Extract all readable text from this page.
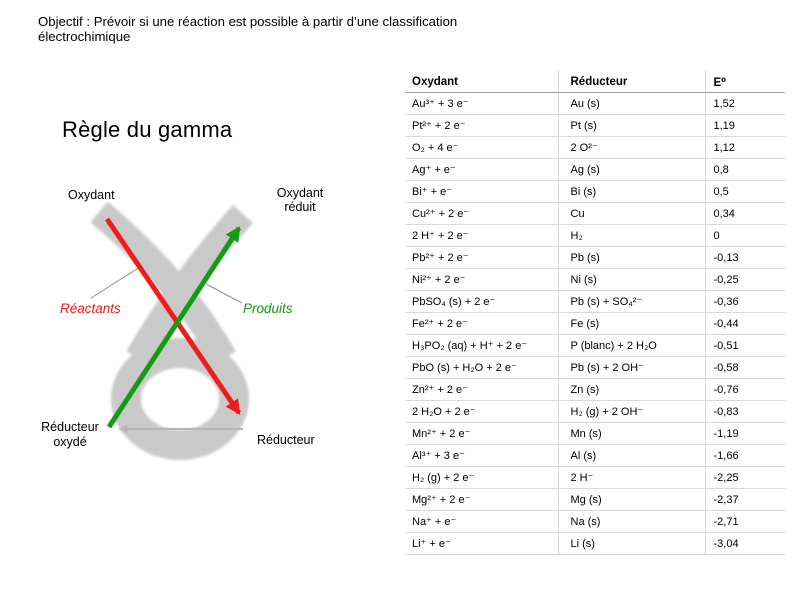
Objectif : Prévoir si une réaction est possible à partir d’une classification
électrochimique
Règle du gamma
Oxydant	Oxydant
réduit
Réactants	Produits
Réducteur
oxydé	Réducteur
Oxydant	Réducteur	E⁰
Au³⁺ + 3 e⁻	Au (s)	1,52
Pt²⁺ + 2 e⁻	Pt (s)	1,19
O₂ + 4 e⁻	2 O²⁻	1,12
Ag⁺ + e⁻	Ag (s)	0,8
Bi⁺ + e⁻	Bi (s)	0,5
Cu²⁺ + 2 e⁻	Cu	0,34
2 H⁺ + 2 e⁻	H₂	0
Pb²⁺ + 2 e⁻	Pb (s)	-0,13
Ni²⁺ + 2 e⁻	Ni (s)	-0,25
PbSO₄ (s) + 2 e⁻	Pb (s) + SO₄²⁻	-0,36
Fe²⁺ + 2 e⁻	Fe (s)	-0,44
H₃PO₂ (aq) + H⁺ + 2 e⁻	P (blanc) + 2 H₂O	-0,51
PbO (s) + H₂O + 2 e⁻	Pb (s) + 2 OH⁻	-0,58
Zn²⁺ + 2 e⁻	Zn (s)	-0,76
2 H₂O + 2 e⁻	H₂ (g) + 2 OH⁻	-0,83
Mn²⁺ + 2 e⁻	Mn (s)	-1,19
Al³⁺ + 3 e⁻	Al (s)	-1,66
H₂ (g) + 2 e⁻	2 H⁻	-2,25
Mg²⁺ + 2 e⁻	Mg (s)	-2,37
Na⁺ + e⁻	Na (s)	-2,71
Li⁺ + e⁻	Li (s)	-3,04
